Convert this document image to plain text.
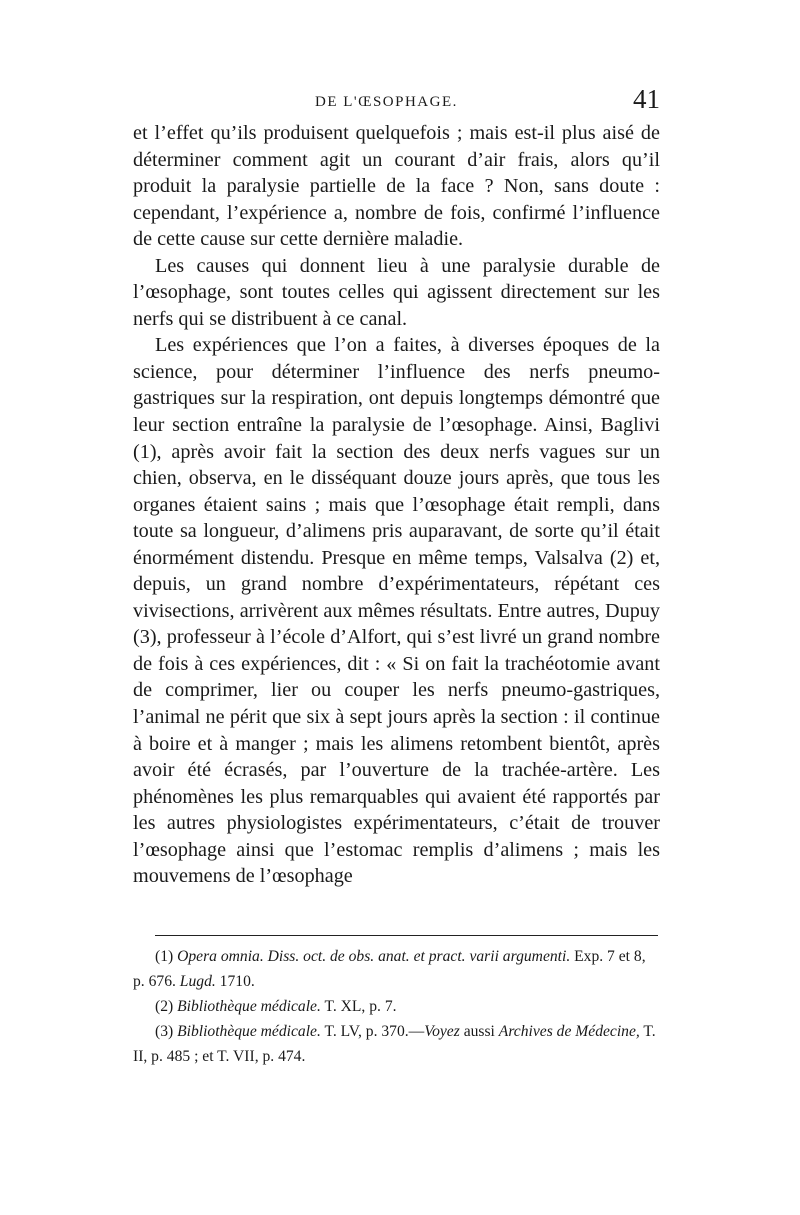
DE L'ŒSOPHAGE.	41

et l’effet qu’ils produisent quelquefois ; mais est-il plus aisé de déterminer comment agit un courant d’air frais, alors qu’il produit la paralysie partielle de la face ? Non, sans doute : cependant, l’expérience a, nombre de fois, confirmé l’influence de cette cause sur cette dernière maladie.

Les causes qui donnent lieu à une paralysie durable de l’œsophage, sont toutes celles qui agissent directement sur les nerfs qui se distribuent à ce canal.

Les expériences que l’on a faites, à diverses époques de la science, pour déterminer l’influence des nerfs pneumo-gastriques sur la respiration, ont depuis longtemps démontré que leur section entraîne la paralysie de l’œsophage. Ainsi, Baglivi (1), après avoir fait la section des deux nerfs vagues sur un chien, observa, en le disséquant douze jours après, que tous les organes étaient sains ; mais que l’œsophage était rempli, dans toute sa longueur, d’alimens pris auparavant, de sorte qu’il était énormément distendu. Presque en même temps, Valsalva (2) et, depuis, un grand nombre d’expérimentateurs, répétant ces vivisections, arrivèrent aux mêmes résultats. Entre autres, Dupuy (3), professeur à l’école d’Alfort, qui s’est livré un grand nombre de fois à ces expériences, dit : « Si on fait la trachéotomie avant de comprimer, lier ou couper les nerfs pneumo-gastriques, l’animal ne périt que six à sept jours après la section : il continue à boire et à manger ; mais les alimens retombent bientôt, après avoir été écrasés, par l’ouverture de la trachée-artère. Les phénomènes les plus remarquables qui avaient été rapportés par les autres physiologistes expérimentateurs, c’était de trouver l’œsophage ainsi que l’estomac remplis d’alimens ; mais les mouvemens de l’œsophage

(1) Opera omnia. Diss. oct. de obs. anat. et pract. varii argumenti. Exp. 7 et 8, p. 676. Lugd. 1710.

(2) Bibliothèque médicale. T. XL, p. 7.

(3) Bibliothèque médicale. T. LV, p. 370.—Voyez aussi Archives de Médecine, T. II, p. 485 ; et T. VII, p. 474.
